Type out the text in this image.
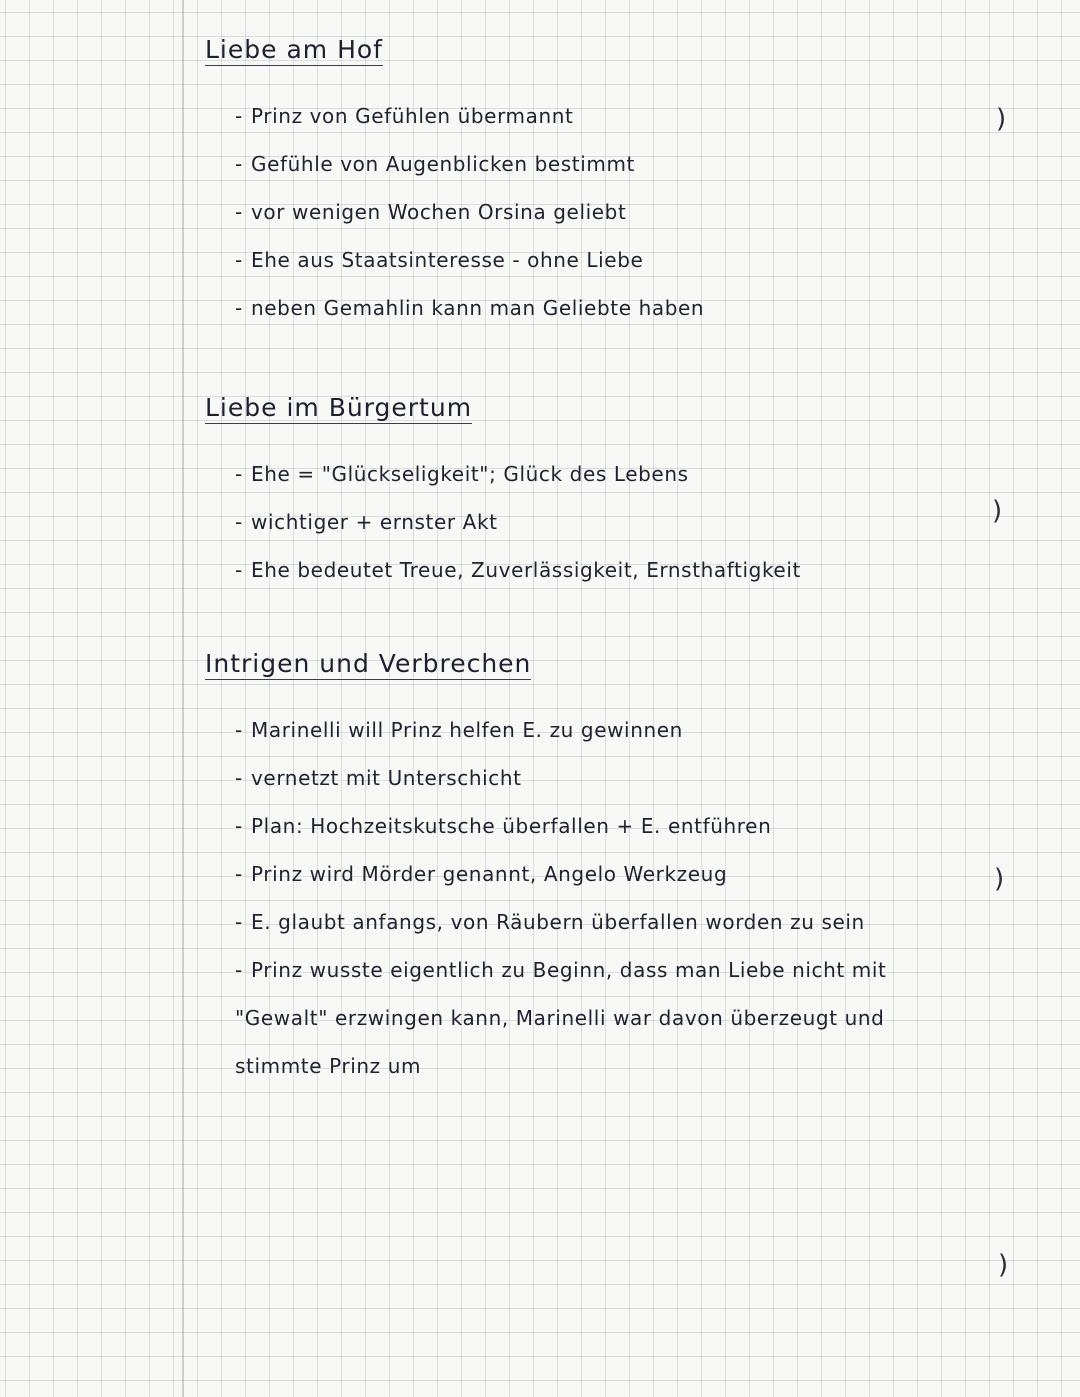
Liebe am Hof
- Prinz von Gefühlen übermannt
- Gefühle von Augenblicken bestimmt
- vor wenigen Wochen Orsina geliebt
- Ehe aus Staatsinteresse - ohne Liebe
- neben Gemahlin kann man Geliebte haben
Liebe im Bürgertum
- Ehe = "Glückseligkeit"; Glück des Lebens
- wichtiger + ernster Akt
- Ehe bedeutet Treue, Zuverlässigkeit, Ernsthaftigkeit
Intrigen und Verbrechen
- Marinelli will Prinz helfen E. zu gewinnen
- vernetzt mit Unterschicht
- Plan: Hochzeitskutsche überfallen + E. entführen
- Prinz wird Mörder genannt, Angelo Werkzeug
- E. glaubt anfangs, von Räubern überfallen worden zu sein
- Prinz wusste eigentlich zu Beginn, dass man Liebe nicht mit "Gewalt" erzwingen kann, Marinelli war davon überzeugt und stimmte Prinz um
)
)
)
)
